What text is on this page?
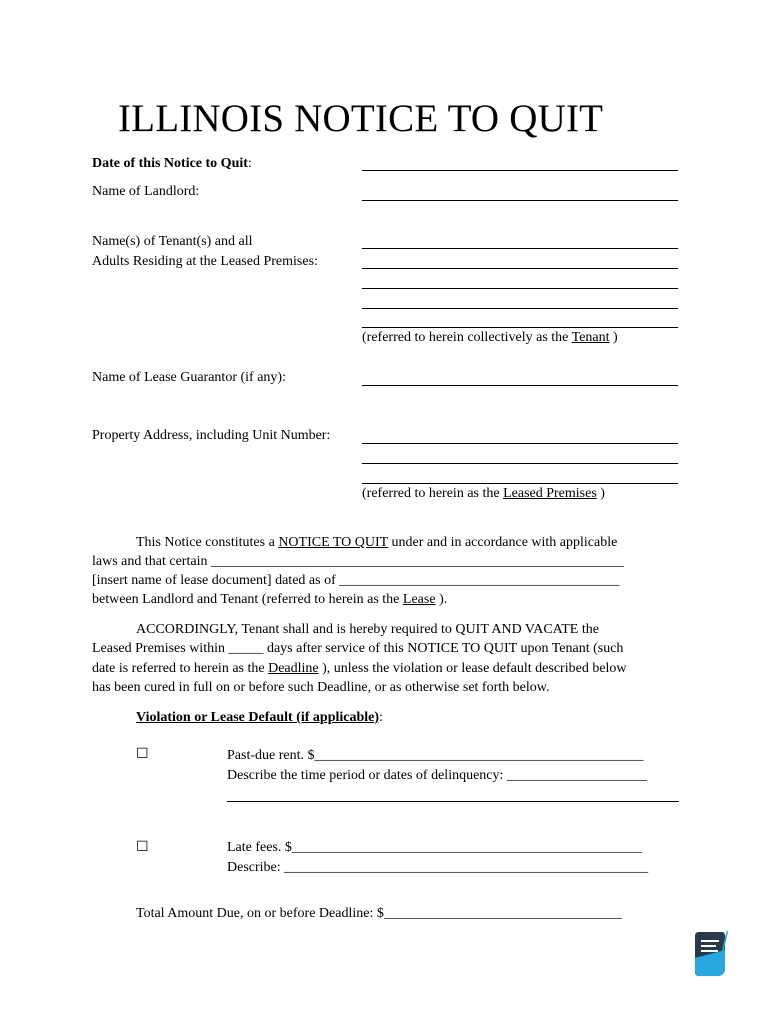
ILLINOIS NOTICE TO QUIT
Date of this Notice to Quit:
Name of Landlord:
Name(s) of Tenant(s) and all
Adults Residing at the Leased Premises:
(referred to herein collectively as the Tenant )
Name of Lease Guarantor (if any):
Property Address, including Unit Number:
(referred to herein as the Leased Premises )
This Notice constitutes a NOTICE TO QUIT under and in accordance with applicable
laws and that certain ___________________________________________________________
[insert name of lease document] dated as of ________________________________________
between Landlord and Tenant (referred to herein as the Lease ).
ACCORDINGLY, Tenant shall and is hereby required to QUIT AND VACATE the
Leased Premises within _____ days after service of this NOTICE TO QUIT upon Tenant (such
date is referred to herein as the Deadline ), unless the violation or lease default described below
has been cured in full on or before such Deadline, or as otherwise set forth below.
Violation or Lease Default (if applicable):
☐	Past-due rent. $_______________________________________________
Describe the time period or dates of delinquency: ____________________
☐	Late fees. $__________________________________________________
Describe: ____________________________________________________
Total Amount Due, on or before Deadline: $__________________________________
